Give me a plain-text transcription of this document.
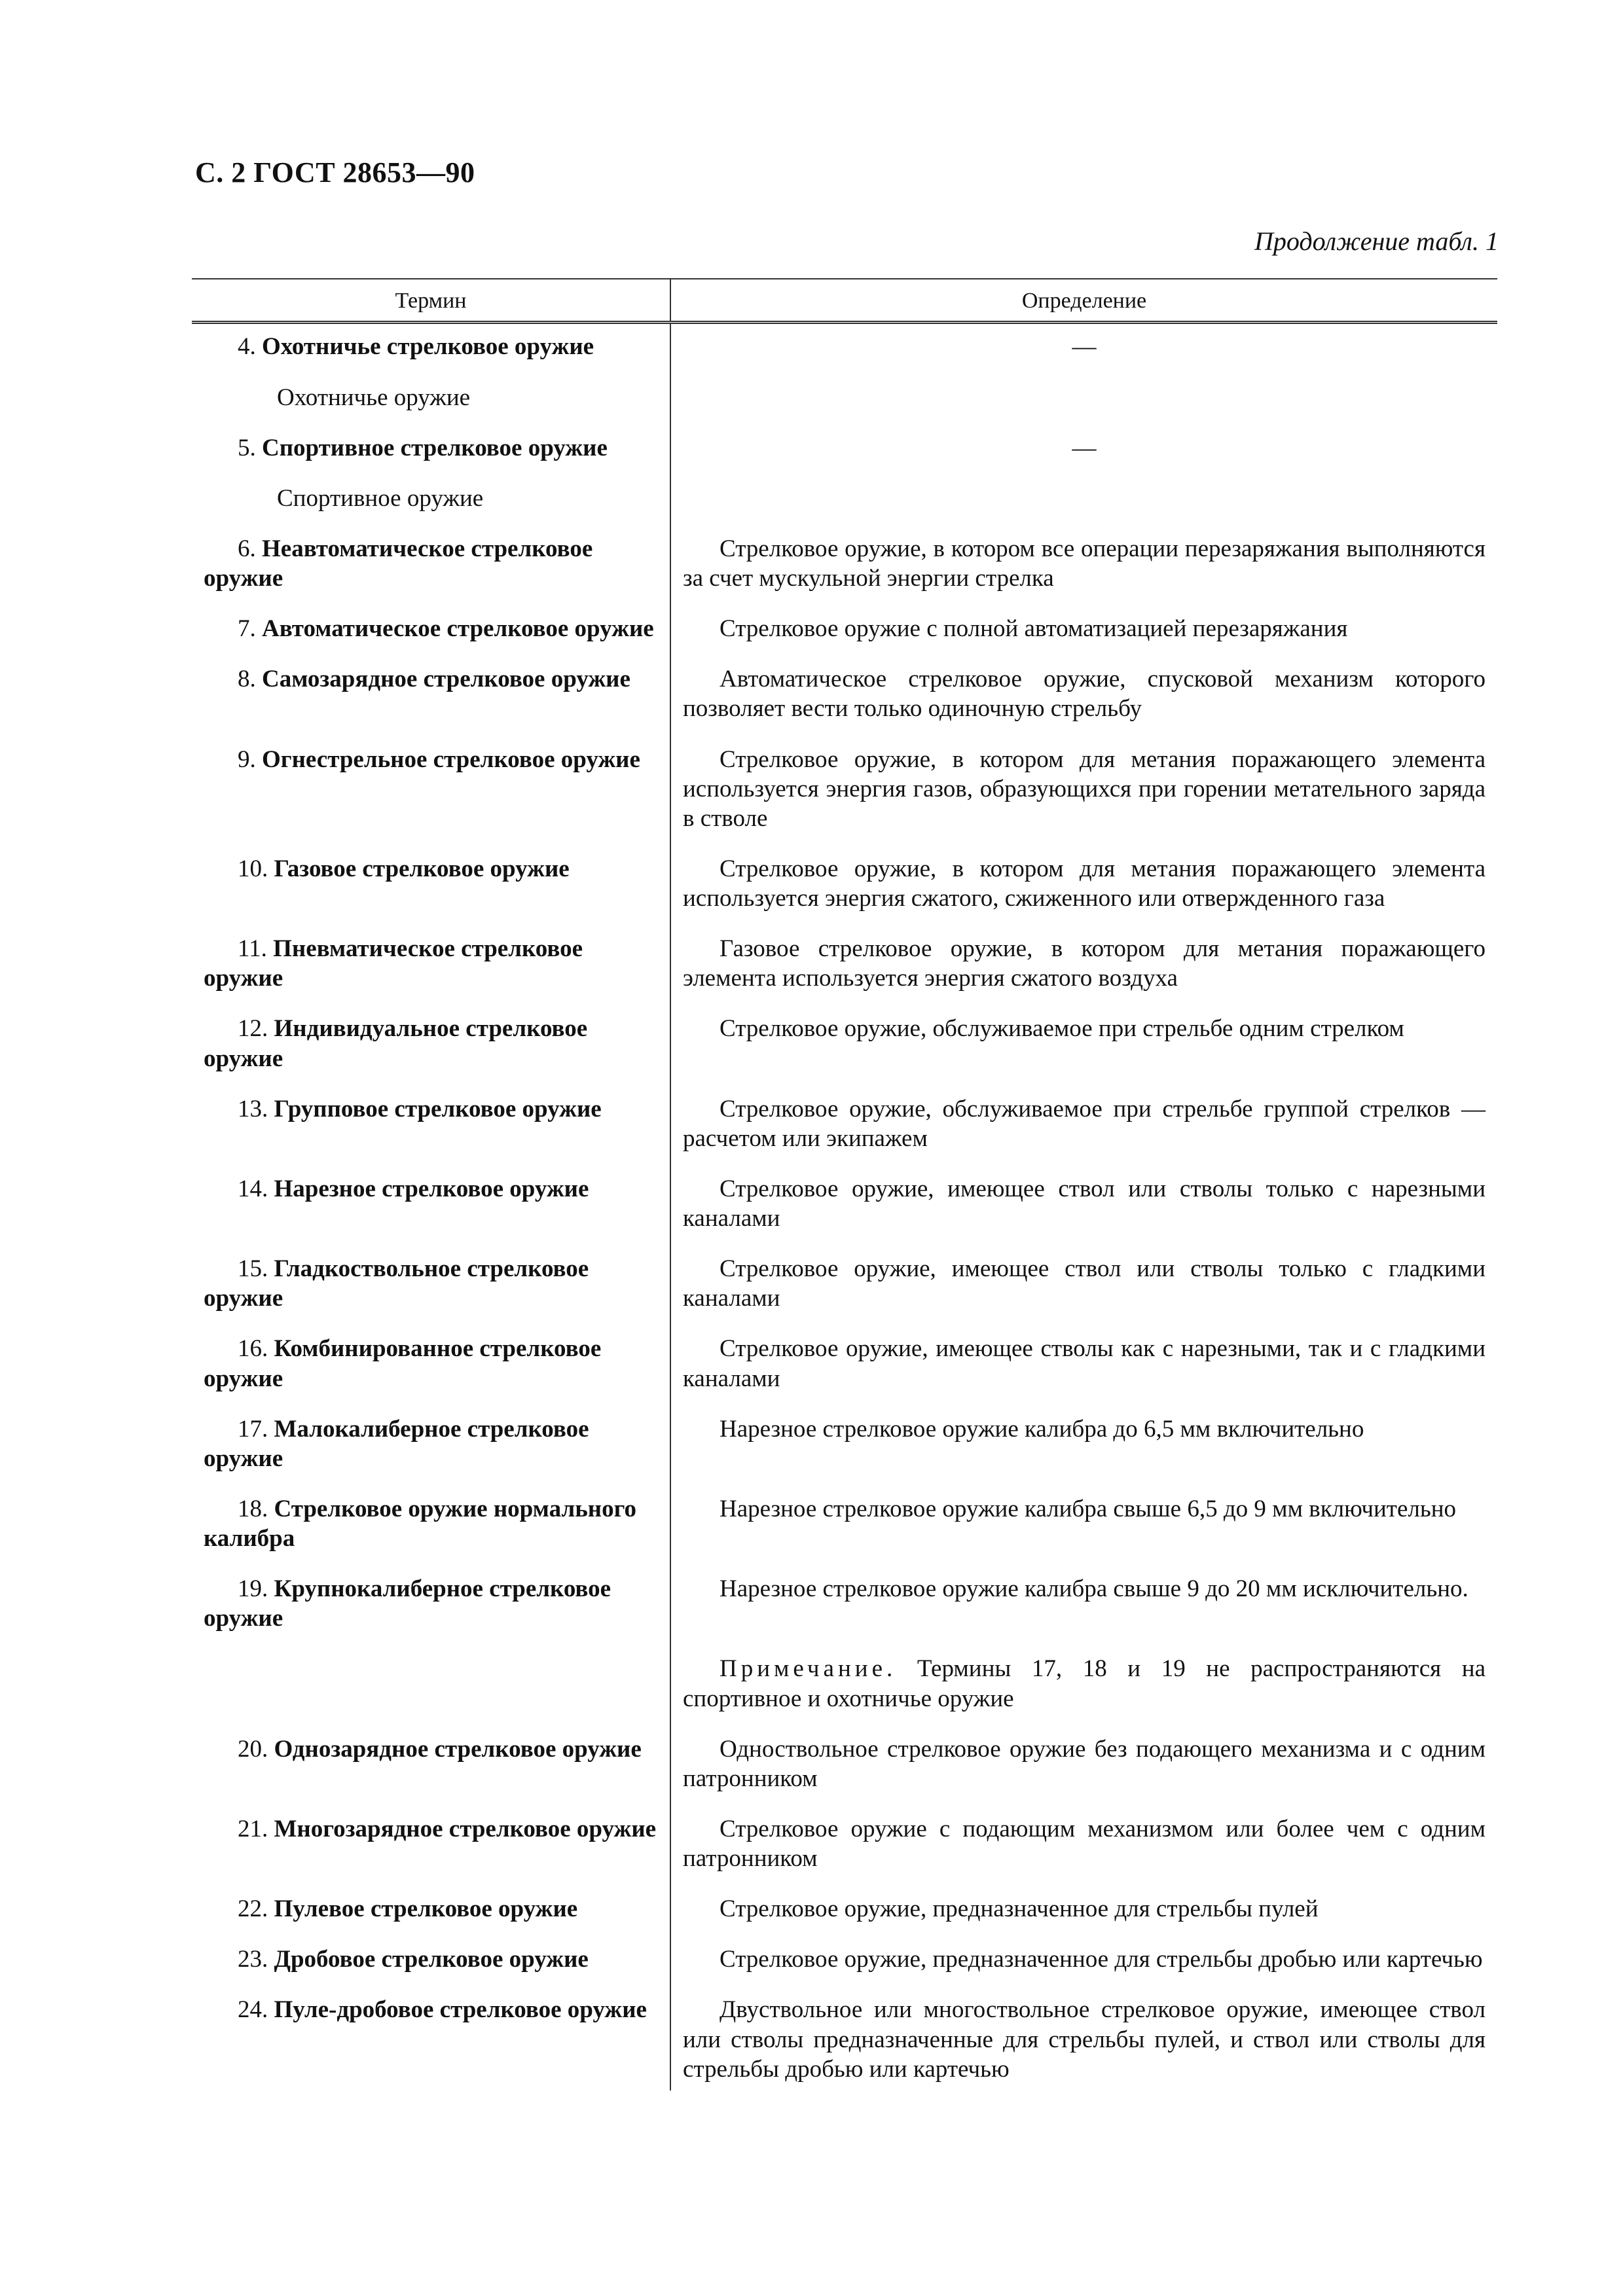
С. 2 ГОСТ 28653—90
Продолжение табл. 1
Термин	Определение
4. Охотничье стрелковое оружие	—
Охотничье оружие	
5. Спортивное стрелковое оружие	—
Спортивное оружие	
6. Неавтоматическое стрелковое оружие	Стрелковое оружие, в котором все операции перезаряжания выполняются за счет мускульной энергии стрелка
7. Автоматическое стрелковое оружие	Стрелковое оружие с полной автоматизацией перезаряжания
8. Самозарядное стрелковое оружие	Автоматическое стрелковое оружие, спусковой механизм которого позволяет вести только одиночную стрельбу
9. Огнестрельное стрелковое оружие	Стрелковое оружие, в котором для метания поражающего элемента используется энергия газов, образующихся при горении метательного заряда в стволе
10. Газовое стрелковое оружие	Стрелковое оружие, в котором для метания поражающего элемента используется энергия сжатого, сжиженного или отвержденного газа
11. Пневматическое стрелковое оружие	Газовое стрелковое оружие, в котором для метания поражающего элемента используется энергия сжатого воздуха
12. Индивидуальное стрелковое оружие	Стрелковое оружие, обслуживаемое при стрельбе одним стрелком
13. Групповое стрелковое оружие	Стрелковое оружие, обслуживаемое при стрельбе группой стрелков — расчетом или экипажем
14. Нарезное стрелковое оружие	Стрелковое оружие, имеющее ствол или стволы только с нарезными каналами
15. Гладкоствольное стрелковое оружие	Стрелковое оружие, имеющее ствол или стволы только с гладкими каналами
16. Комбинированное стрелковое оружие	Стрелковое оружие, имеющее стволы как с нарезными, так и с гладкими каналами
17. Малокалиберное стрелковое оружие	Нарезное стрелковое оружие калибра до 6,5 мм включительно
18. Стрелковое оружие нормального калибра	Нарезное стрелковое оружие калибра свыше 6,5 до 9 мм включительно
19. Крупнокалиберное стрелковое оружие	Нарезное стрелковое оружие калибра свыше 9 до 20 мм исключительно.
	Примечание. Термины 17, 18 и 19 не распространяются на спортивное и охотничье оружие
20. Однозарядное стрелковое оружие	Одноствольное стрелковое оружие без подающего механизма и с одним патронником
21. Многозарядное стрелковое оружие	Стрелковое оружие с подающим механизмом или более чем с одним патронником
22. Пулевое стрелковое оружие	Стрелковое оружие, предназначенное для стрельбы пулей
23. Дробовое стрелковое оружие	Стрелковое оружие, предназначенное для стрельбы дробью или картечью
24. Пуле-дробовое стрелковое оружие	Двуствольное или многоствольное стрелковое оружие, имеющее ствол или стволы предназначенные для стрельбы пулей, и ствол или стволы для стрельбы дробью или картечью
